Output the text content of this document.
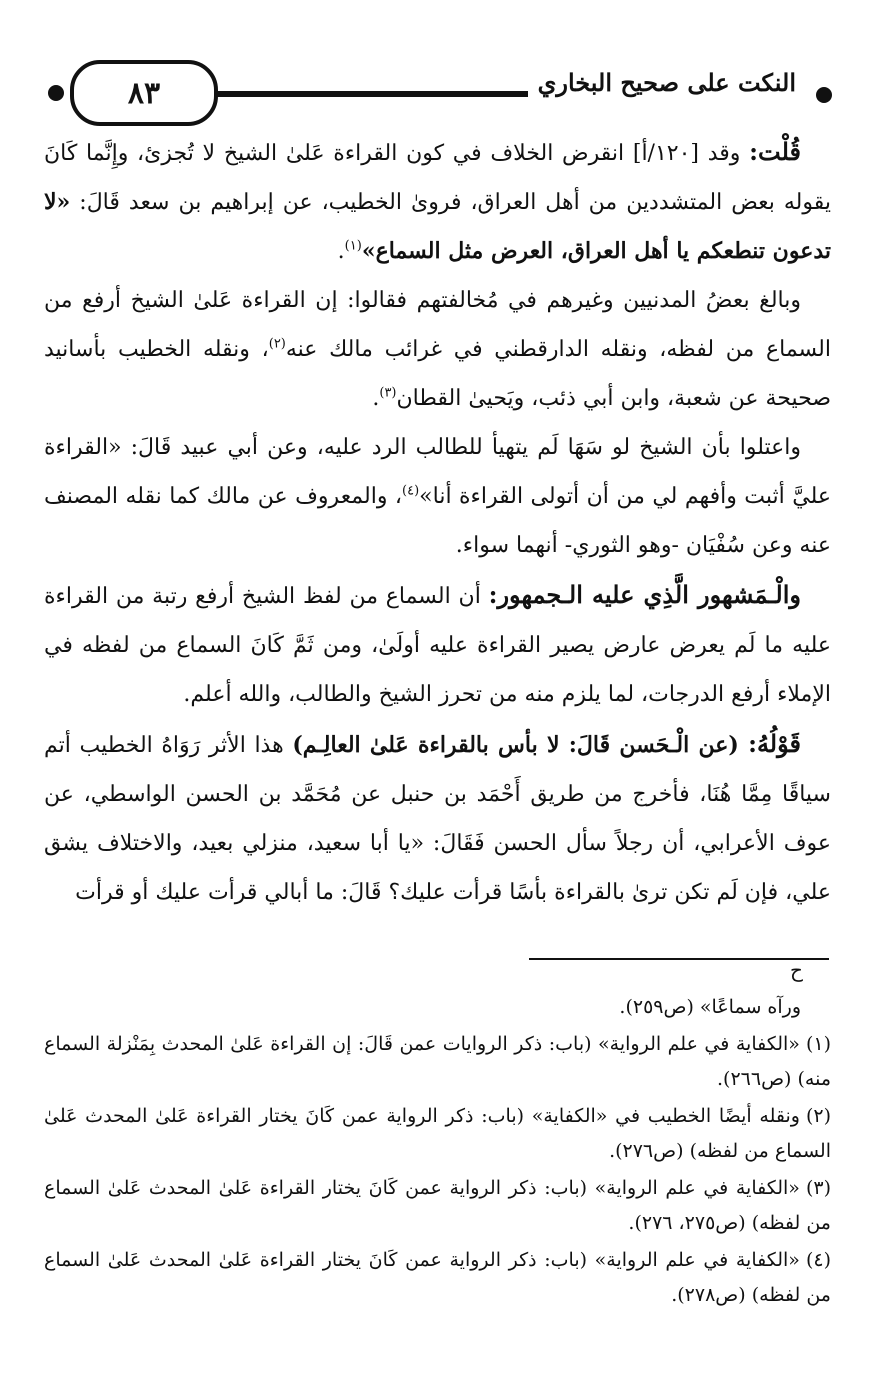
٨٣	النكت على صحيح البخاري

قُلْت: وقد [١٢٠/أ] انقرض الخلاف في كون القراءة عَلىٰ الشيخ لا تُجزئ، وإِنَّما كَانَ يقوله بعض المتشددين من أهل العراق، فروىٰ الخطيب، عن إبراهيم بن سعد قَالَ: «لا تدعون تنطعكم يا أهل العراق، العرض مثل السماع»$^{(١)}$.

وبالغ بعضُ المدنيين وغيرهم في مُخالفتهم فقالوا: إن القراءة عَلىٰ الشيخ أرفع من السماع من لفظه، ونقله الدارقطني في غرائب مالك عنه$^{(٢)}$، ونقله الخطيب بأسانيد صحيحة عن شعبة، وابن أبي ذئب، ويَحيىٰ القطان$^{(٣)}$.

واعتلوا بأن الشيخ لو سَهَا لَم يتهيأ للطالب الرد عليه، وعن أبي عبيد قَالَ: «القراءة عليَّ أثبت وأفهم لي من أن أتولى القراءة أنا»$^{(٤)}$، والمعروف عن مالك كما نقله المصنف عنه وعن سُفْيَان -وهو الثوري- أنهما سواء.

والْـمَشهور الَّذِي عليه الـجمهور: أن السماع من لفظ الشيخ أرفع رتبة من القراءة عليه ما لَم يعرض عارض يصير القراءة عليه أولَىٰ، ومن ثَمَّ كَانَ السماع من لفظه في الإملاء أرفع الدرجات، لما يلزم منه من تحرز الشيخ والطالب، والله أعلم.

قَوْلُهُ: (عن الْـحَسن قَالَ: لا بأس بالقراءة عَلىٰ العالِـم) هذا الأثر رَوَاهُ الخطيب أتم سياقًا مِمَّا هُنَا، فأخرج من طريق أَحْمَد بن حنبل عن مُحَمَّد بن الحسن الواسطي، عن عوف الأعرابي، أن رجلاً سأل الحسن فَقَالَ: «يا أبا سعيد، منزلي بعيد، والاختلاف يشق علي، فإن لَم تكن ترىٰ بالقراءة بأسًا قرأت عليك؟ قَالَ: ما أبالي قرأت عليك أو قرأت

ح

ورآه سماعًا» (ص٢٥٩).

(١)«الكفاية في علم الرواية» (باب: ذكر الروايات عمن قَالَ: إن القراءة عَلىٰ المحدث بِمَنْزلة السماع منه) (ص٢٦٦).

(٢)ونقله أيضًا الخطيب في «الكفاية» (باب: ذكر الرواية عمن كَانَ يختار القراءة عَلىٰ المحدث عَلىٰ السماع من لفظه) (ص٢٧٦).

(٣)«الكفاية في علم الرواية» (باب: ذكر الرواية عمن كَانَ يختار القراءة عَلىٰ المحدث عَلىٰ السماع من لفظه) (ص٢٧٥، ٢٧٦).

(٤)«الكفاية في علم الرواية» (باب: ذكر الرواية عمن كَانَ يختار القراءة عَلىٰ المحدث عَلىٰ السماع من لفظه) (ص٢٧٨).
